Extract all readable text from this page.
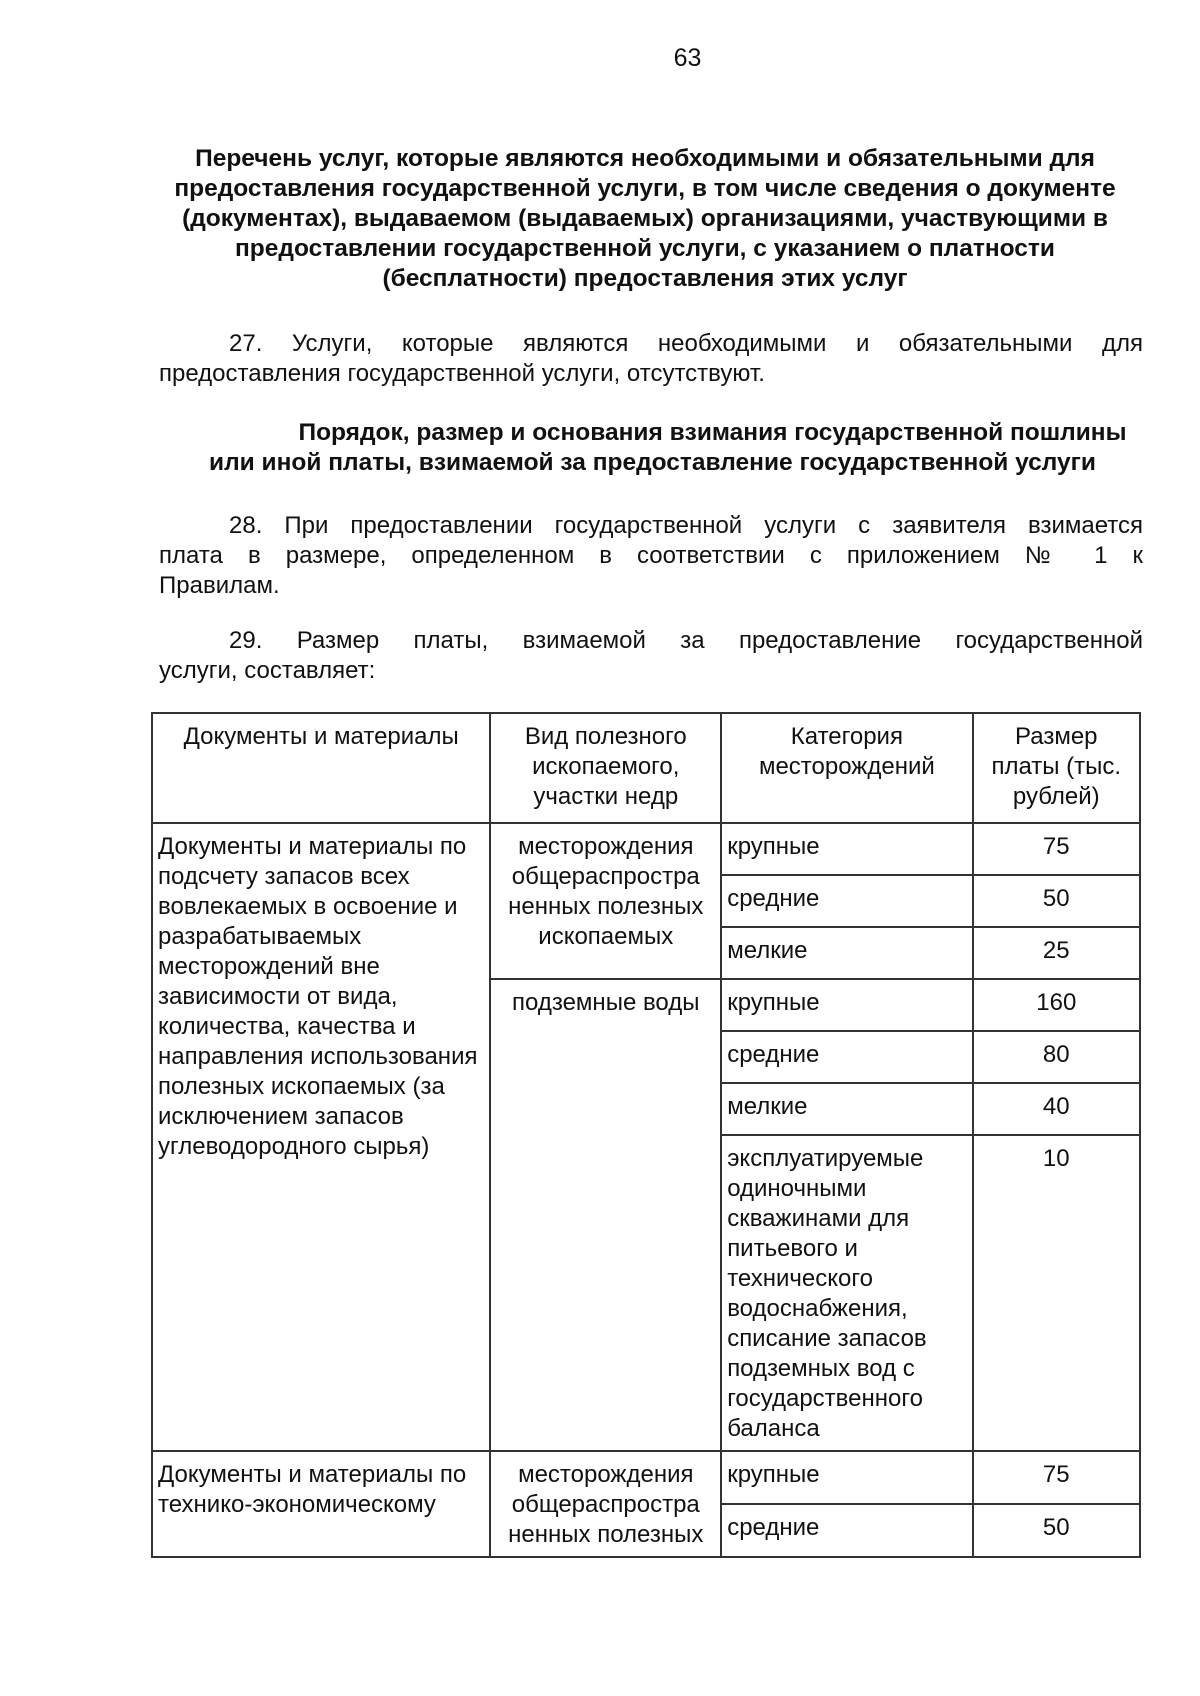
63
Перечень услуг, которые являются необходимыми и обязательными для предоставления государственной услуги, в том числе сведения о документе (документах), выдаваемом (выдаваемых) организациями, участвующими в предоставлении государственной услуги, с указанием о платности (бесплатности) предоставления этих услуг
27. Услуги, которые являются необходимыми и обязательными для
предоставления государственной услуги, отсутствуют.
Порядок, размер и основания взимания государственной пошлины
или иной платы, взимаемой за предоставление государственной услуги
28. При предоставлении государственной услуги с заявителя взимается
плата в размере, определенном в соответствии с приложением № 1 к
Правилам.
29. Размер платы, взимаемой за предоставление государственной
услуги, составляет:
Документы и материалы	Вид полезного ископаемого, участки недр	Категория месторождений	Размер платы (тыс. рублей)
Документы и материалы по подсчету запасов всех вовлекаемых в освоение и разрабатываемых месторождений вне зависимости от вида, количества, качества и направления использования полезных ископаемых (за исключением запасов углеводородного сырья)	месторождения общераспростра ненных полезных ископаемых	крупные	75
		средние	50
		мелкие	25
	подземные воды	крупные	160
		средние	80
		мелкие	40
		эксплуатируемые одиночными скважинами для питьевого и технического водоснабжения, списание запасов подземных вод с государственного баланса	10
Документы и материалы по технико-экономическому	месторождения общераспростра ненных полезных	крупные	75
		средние	50
